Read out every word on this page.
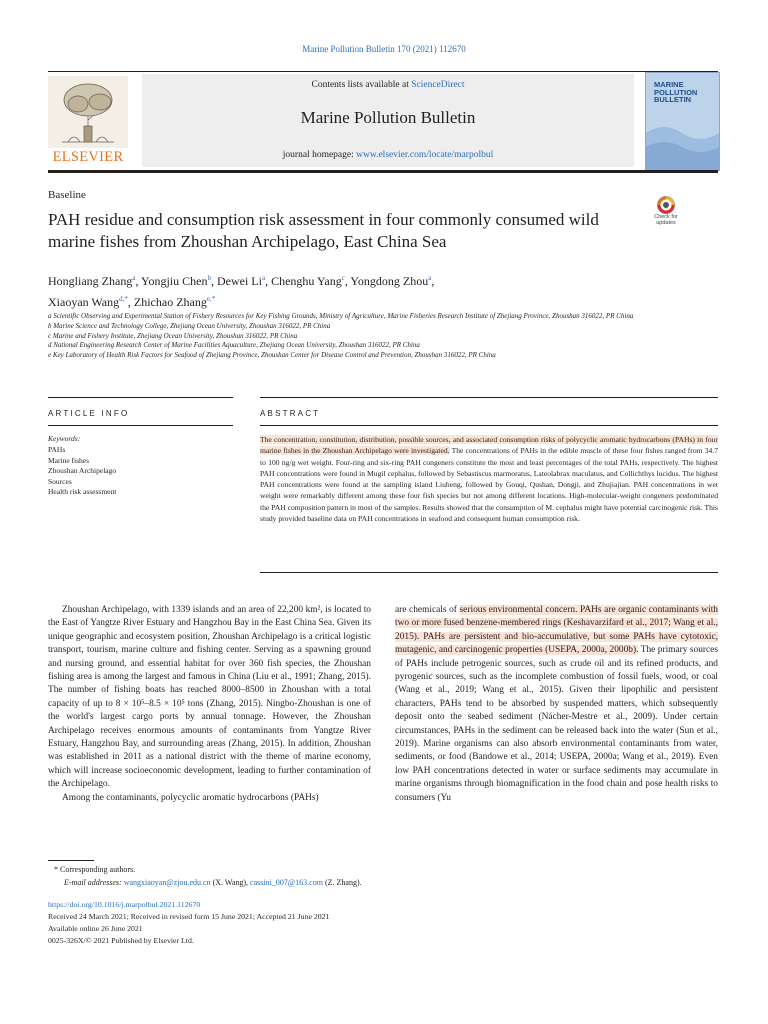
Marine Pollution Bulletin 170 (2021) 112670
ELSEVIER
Contents lists available at ScienceDirect
Marine Pollution Bulletin
journal homepage: www.elsevier.com/locate/marpolbul
MARINE POLLUTION BULLETIN
Baseline
PAH residue and consumption risk assessment in four commonly consumed wild marine fishes from Zhoushan Archipelago, East China Sea
Check for updates
Hongliang Zhang$^a$, Yongjiu Chen$^b$, Dewei Li$^a$, Chenghu Yang$^c$, Yongdong Zhou$^a$,
Xiaoyan Wang$^{d,*}$, Zhichao Zhang$^{e,*}$
a Scientific Observing and Experimental Station of Fishery Resources for Key Fishing Grounds, Ministry of Agriculture, Marine Fisheries Research Institute of Zhejiang Province, Zhoushan 316022, PR China
b Marine Science and Technology College, Zhejiang Ocean University, Zhoushan 316022, PR China
c Marine and Fishery Institute, Zhejiang Ocean University, Zhoushan 316022, PR China
d National Engineering Research Center of Marine Facilities Aquaculture, Zhejiang Ocean University, Zhoushan 316022, PR China
e Key Laboratory of Health Risk Factors for Seafood of Zhejiang Province, Zhoushan Center for Disease Control and Prevention, Zhoushan 316022, PR China
ARTICLE INFO	ABSTRACT
Keywords:
PAHs
Marine fishes
Zhoushan Archipelago
Sources
Health risk assessment
The concentration, constitution, distribution, possible sources, and associated consumption risks of polycyclic aromatic hydrocarbons (PAHs) in four marine fishes in the Zhoushan Archipelago were investigated. The concentrations of PAHs in the edible muscle of these four fishes ranged from 34.7 to 100 ng/g wet weight. Four-ring and six-ring PAH congeners constitute the most and least percentages of the total PAHs, respectively. The highest PAH concentrations were found in Mugil cephalus, followed by Sebastiscus marmoratus, Lateolabrax maculatus, and Collichthys lucidus. The highest PAH concentrations were found at the sampling island Liuheng, followed by Gouqi, Qushan, Dongji, and Zhujiajian. PAH concentrations in wet weight were remarkably different among these four fish species but not among different locations. High-molecular-weight congeners predominated the PAH composition pattern in most of the samples. Results showed that the consumption of M. cephalus might have potential carcinogenic risk. This study provided baseline data on PAH concentrations in seafood and consequent human consumption risk.

Zhoushan Archipelago, with 1339 islands and an area of 22,200 km², is located to the East of Yangtze River Estuary and Hangzhou Bay in the East China Sea. Given its unique geographic and ecosystem position, Zhoushan Archipelago is a critical logistic transport, tourism, marine culture and fishing center. Serving as a spawning ground and nursing ground, and essential habitat for over 360 fish species, the Zhoushan fishing area is among the largest and famous in China (Liu et al., 1991; Zhang, 2015). The number of fishing boats has reached 8000–8500 in Zhoushan with a total capacity of up to 8 × 10⁵–8.5 × 10⁵ tons (Zhang, 2015). Ningbo-Zhoushan is one of the world's largest cargo ports by annual tonnage. However, the Zhoushan Archipelago receives enormous amounts of contaminants from Yangtze River Estuary, Hangzhou Bay, and surrounding areas (Zhang, 2015). In addition, Zhoushan was established in 2011 as a national district with the theme of marine economy, which will increase socioeconomic development, leading to further contamination of the Archipelago.

Among the contaminants, polycyclic aromatic hydrocarbons (PAHs)

are chemicals of serious environmental concern. PAHs are organic contaminants with two or more fused benzene-membered rings (Keshavarzifard et al., 2017; Wang et al., 2015). PAHs are persistent and bio-accumulative, but some PAHs have cytotoxic, mutagenic, and carcinogenic properties (USEPA, 2000a, 2000b). The primary sources of PAHs include petrogenic sources, such as crude oil and its refined products, and pyrogenic sources, such as the incomplete combustion of fossil fuels, wood, or coal (Wang et al., 2019; Wang et al., 2015). Given their lipophilic and persistent characters, PAHs tend to be absorbed by suspended matters, which subsequently deposit onto the seabed sediment (Nácher-Mestre et al., 2009). Under certain circumstances, PAHs in the sediment can be released back into the water (Sun et al., 2019). Marine organisms can also absorb environmental contaminants from water, sediments, or food (Bandowe et al., 2014; USEPA, 2000a; Wang et al., 2019). Even low PAH concentrations detected in water or surface sediments may accumulate in marine organisms through biomagnification in the food chain and pose health risks to consumers (Yu

* Corresponding authors.
E-mail addresses: wangxiaoyan@zjou.edu.cn (X. Wang), cassini_007@163.com (Z. Zhang).
https://doi.org/10.1016/j.marpolbul.2021.112670
Received 24 March 2021; Received in revised form 15 June 2021; Accepted 21 June 2021
Available online 26 June 2021
0025-326X/© 2021 Published by Elsevier Ltd.
